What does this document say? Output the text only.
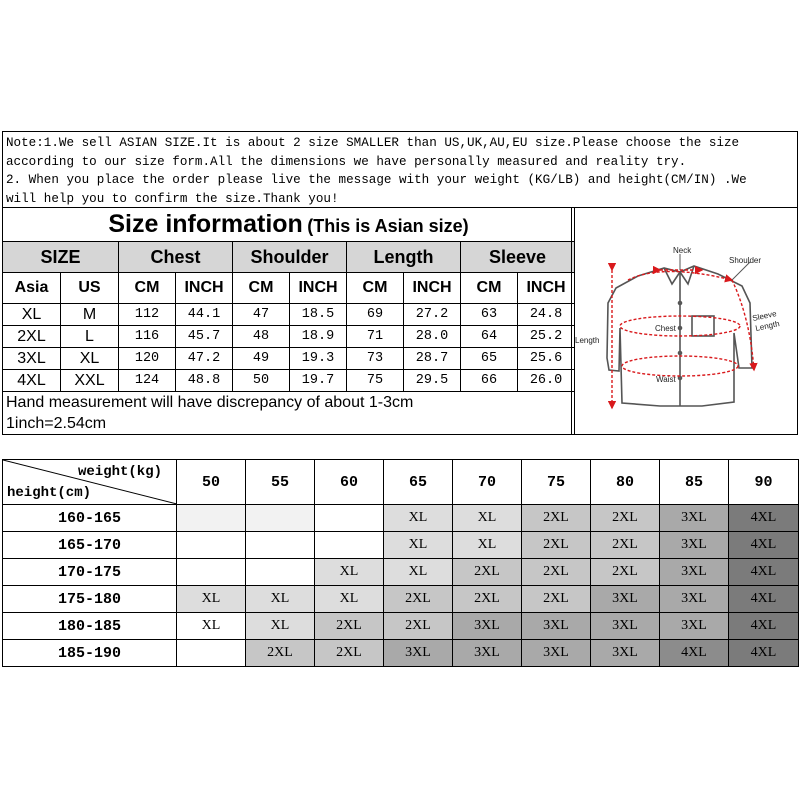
Note:1.We sell ASIAN SIZE.It is about 2 size SMALLER than US,UK,AU,EU size.Please choose the size
according to our size form.All the dimensions we have personally measured and reality try.
2. When you place the order please live the message with your weight (KG/LB) and height(CM/IN) .We
will help you to confirm the size.Thank you!
Size information (This is Asian size)									
SIZE		Chest		Shoulder		Length		Sleeve	
Asia	US	CM	INCH	CM	INCH	CM	INCH	CM	INCH
XL	M	112	44.1	47	18.5	69	27.2	63	24.8
2XL	L	116	45.7	48	18.9	71	28.0	64	25.2
3XL	XL	120	47.2	49	19.3	73	28.7	65	25.6
4XL	XXL	124	48.8	50	19.7	75	29.5	66	26.0
Hand measurement will have discrepancy of about 1-3cm									
1inch=2.54cm									
Neck
Shoulder
Chest
Waist
Length
Sleeve
Length
weight(kg)
height(cm)	50	55	60	65	70	75	80	85	90
160-165				XL	XL	2XL	2XL	3XL	4XL
165-170				XL	XL	2XL	2XL	3XL	4XL
170-175			XL	XL	2XL	2XL	2XL	3XL	4XL
175-180	XL	XL	XL	2XL	2XL	2XL	3XL	3XL	4XL
180-185	XL	XL	2XL	2XL	3XL	3XL	3XL	3XL	4XL
185-190		2XL	2XL	3XL	3XL	3XL	3XL	4XL	4XL
